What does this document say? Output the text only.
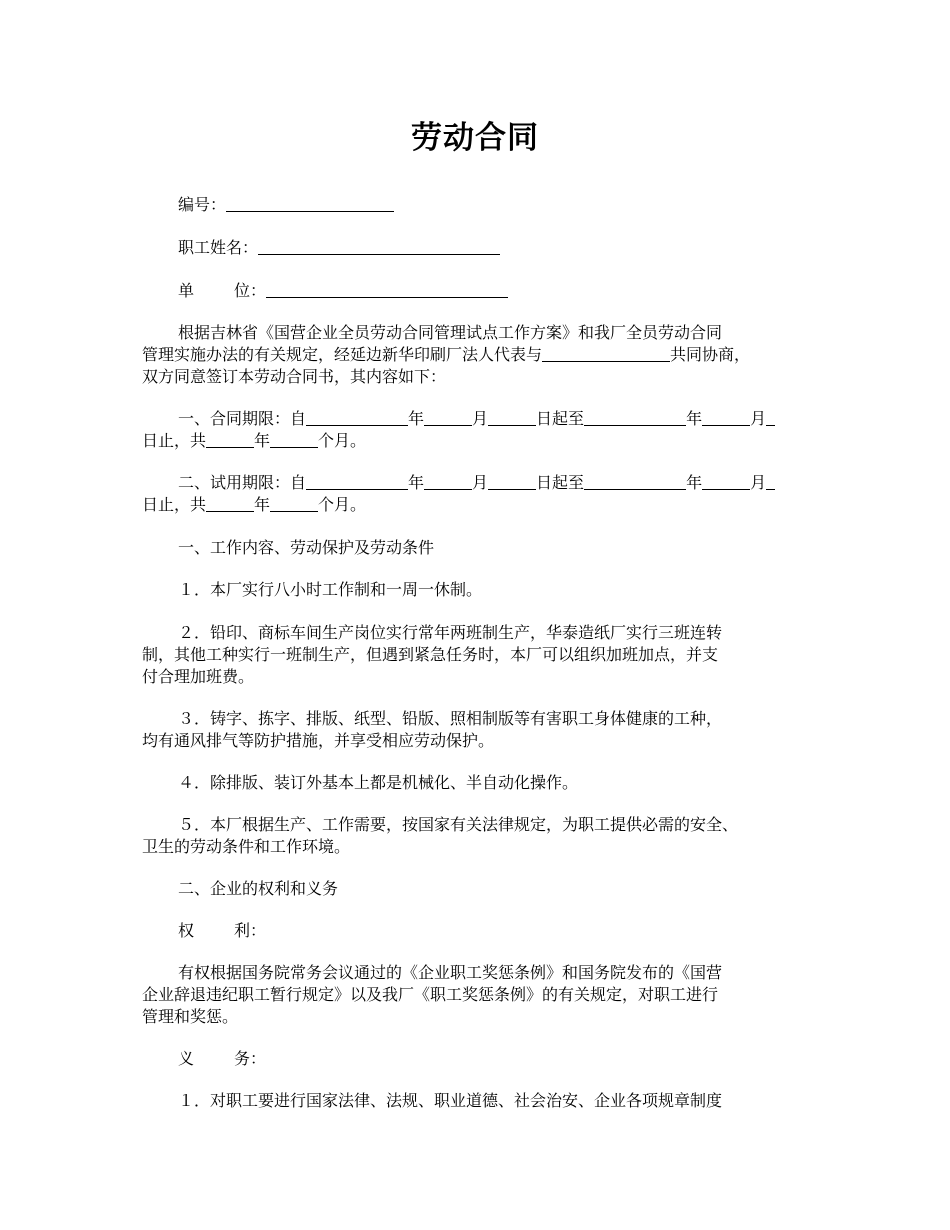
劳动合同
编号：
职工姓名：
单	位：
根据吉林省《国营企业全员劳动合同管理试点工作方案》和我厂全员劳动合同
管理实施办法的有关规定，经延边新华印刷厂法人代表与	共同协商，
双方同意签订本劳动合同书，其内容如下：
一、合同期限：自	年	月	日起至	年	月
日止，共	年	个月。
二、试用期限：自	年	月	日起至	年	月
日止，共	年	个月。
一、工作内容、劳动保护及劳动条件
１．本厂实行八小时工作制和一周一休制。
２．铅印、商标车间生产岗位实行常年两班制生产，华泰造纸厂实行三班连转
制，其他工种实行一班制生产，但遇到紧急任务时，本厂可以组织加班加点，并支
付合理加班费。
３．铸字、拣字、排版、纸型、铅版、照相制版等有害职工身体健康的工种，
均有通风排气等防护措施，并享受相应劳动保护。
４．除排版、装订外基本上都是机械化、半自动化操作。
５．本厂根据生产、工作需要，按国家有关法律规定，为职工提供必需的安全、
卫生的劳动条件和工作环境。
二、企业的权利和义务
权	利：
有权根据国务院常务会议通过的《企业职工奖惩条例》和国务院发布的《国营
企业辞退违纪职工暂行规定》以及我厂《职工奖惩条例》的有关规定，对职工进行
管理和奖惩。
义	务：
１．对职工要进行国家法律、法规、职业道德、社会治安、企业各项规章制度
